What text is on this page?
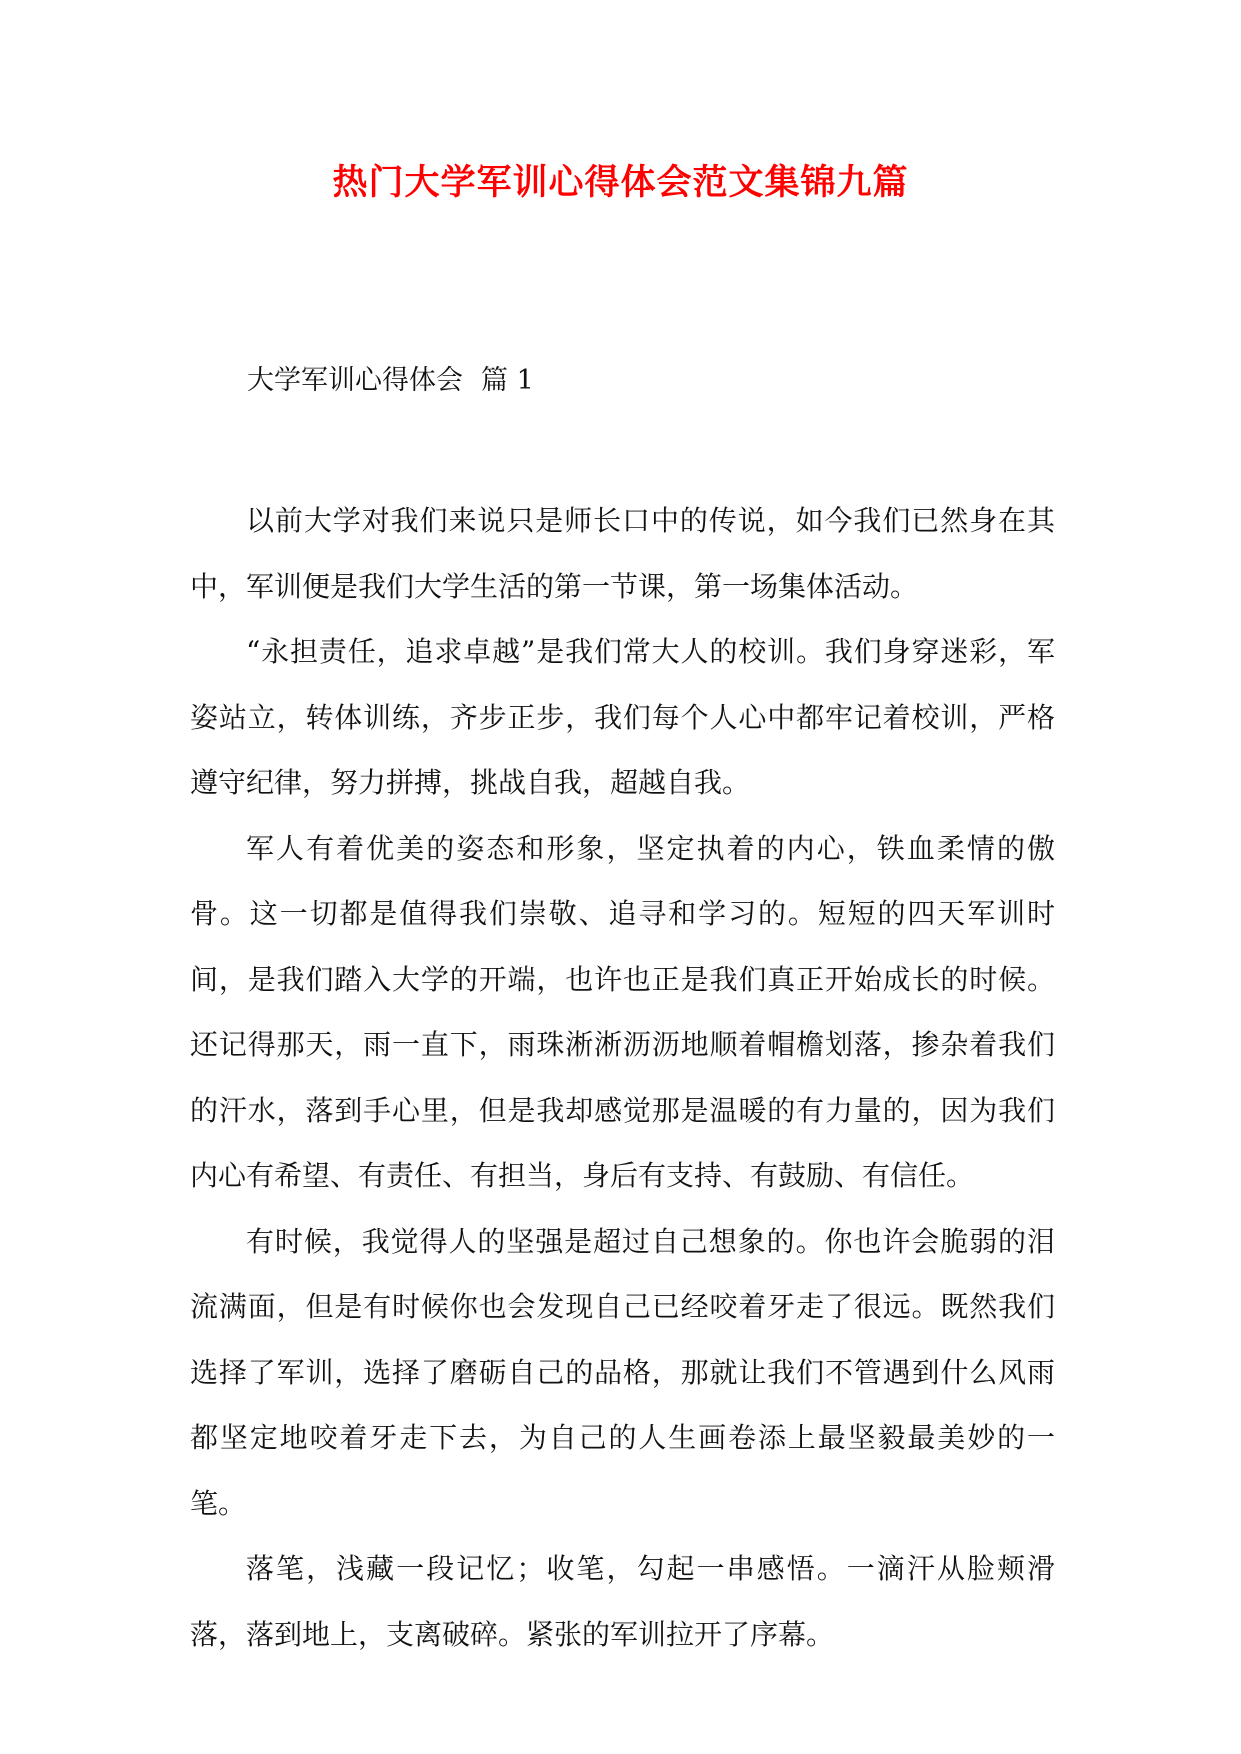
热门大学军训心得体会范文集锦九篇
大学军训心得体会 篇 1

以前大学对我们来说只是师长口中的传说，如今我们已然身在其中，军训便是我们大学生活的第一节课，第一场集体活动。

“永担责任，追求卓越”是我们常大人的校训。我们身穿迷彩，军姿站立，转体训练，齐步正步，我们每个人心中都牢记着校训，严格遵守纪律，努力拼搏，挑战自我，超越自我。

军人有着优美的姿态和形象，坚定执着的内心，铁血柔情的傲骨。这一切都是值得我们崇敬、追寻和学习的。短短的四天军训时间，是我们踏入大学的开端，也许也正是我们真正开始成长的时候。还记得那天，雨一直下，雨珠淅淅沥沥地顺着帽檐划落，掺杂着我们的汗水，落到手心里，但是我却感觉那是温暖的有力量的，因为我们内心有希望、有责任、有担当，身后有支持、有鼓励、有信任。

有时候，我觉得人的坚强是超过自己想象的。你也许会脆弱的泪流满面，但是有时候你也会发现自己已经咬着牙走了很远。既然我们选择了军训，选择了磨砺自己的品格，那就让我们不管遇到什么风雨都坚定地咬着牙走下去，为自己的人生画卷添上最坚毅最美妙的一笔。

落笔，浅藏一段记忆；收笔，勾起一串感悟。一滴汗从脸颊滑落，落到地上，支离破碎。紧张的军训拉开了序幕。
